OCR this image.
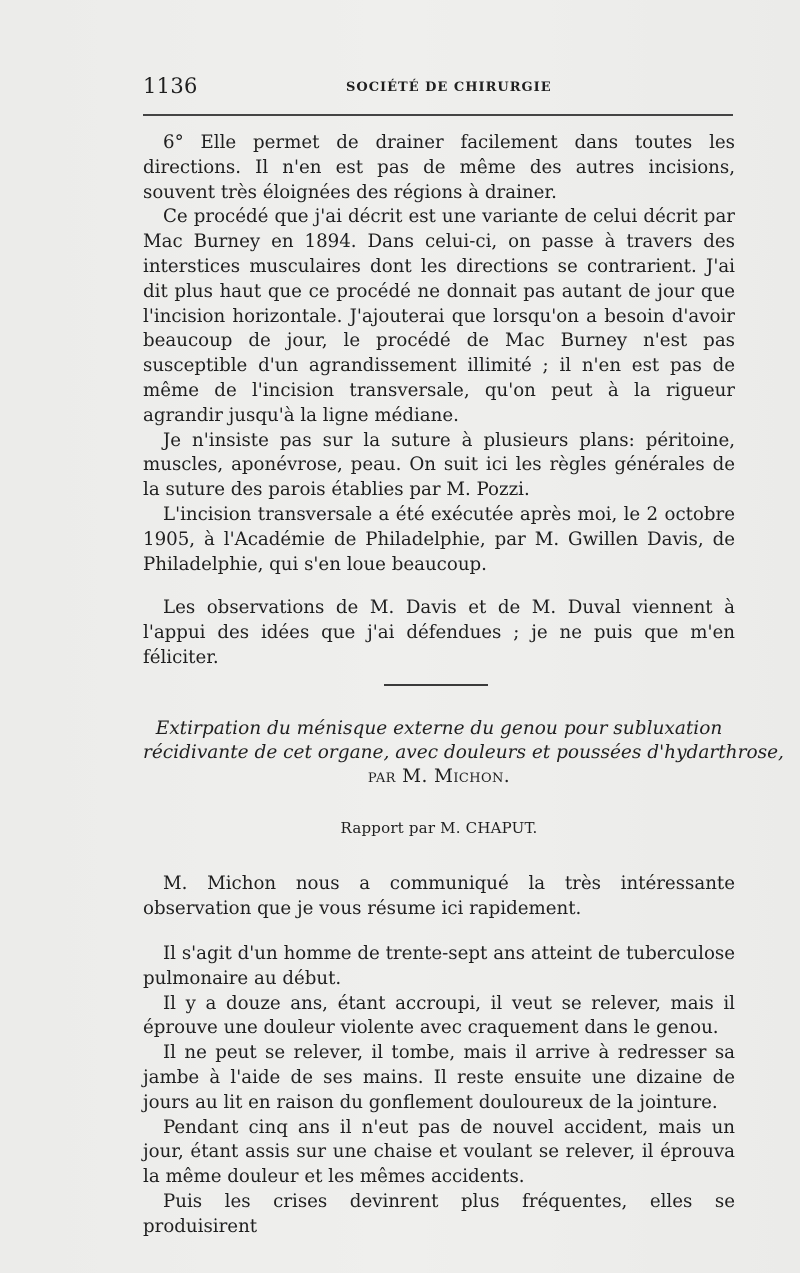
1136	SOCIÉTÉ DE CHIRURGIE

6° Elle permet de drainer facilement dans toutes les directions. Il n'en est pas de même des autres incisions, souvent très éloignées des régions à drainer.

Ce procédé que j'ai décrit est une variante de celui décrit par Mac Burney en 1894. Dans celui-ci, on passe à travers des interstices musculaires dont les directions se contrarient. J'ai dit plus haut que ce procédé ne donnait pas autant de jour que l'incision horizontale. J'ajouterai que lorsqu'on a besoin d'avoir beaucoup de jour, le procédé de Mac Burney n'est pas susceptible d'un agrandissement illimité ; il n'en est pas de même de l'incision transversale, qu'on peut à la rigueur agrandir jusqu'à la ligne médiane.

Je n'insiste pas sur la suture à plusieurs plans: péritoine, muscles, aponévrose, peau. On suit ici les règles générales de la suture des parois établies par M. Pozzi.

L'incision transversale a été exécutée après moi, le 2 octobre 1905, à l'Académie de Philadelphie, par M. Gwillen Davis, de Philadelphie, qui s'en loue beaucoup.

Les observations de M. Davis et de M. Duval viennent à l'appui des idées que j'ai défendues ; je ne puis que m'en féliciter.

Extirpation du ménisque externe du genou pour subluxation
récidivante de cet organe, avec douleurs et poussées d'hydarthrose,
par M. Michon.
Rapport par M. CHAPUT.

M. Michon nous a communiqué la très intéressante observation que je vous résume ici rapidement.

Il s'agit d'un homme de trente-sept ans atteint de tuberculose pulmonaire au début.

Il y a douze ans, étant accroupi, il veut se relever, mais il éprouve une douleur violente avec craquement dans le genou.

Il ne peut se relever, il tombe, mais il arrive à redresser sa jambe à l'aide de ses mains. Il reste ensuite une dizaine de jours au lit en raison du gonflement douloureux de la jointure.

Pendant cinq ans il n'eut pas de nouvel accident, mais un jour, étant assis sur une chaise et voulant se relever, il éprouva la même douleur et les mêmes accidents.

Puis les crises devinrent plus fréquentes, elles se produisirent
